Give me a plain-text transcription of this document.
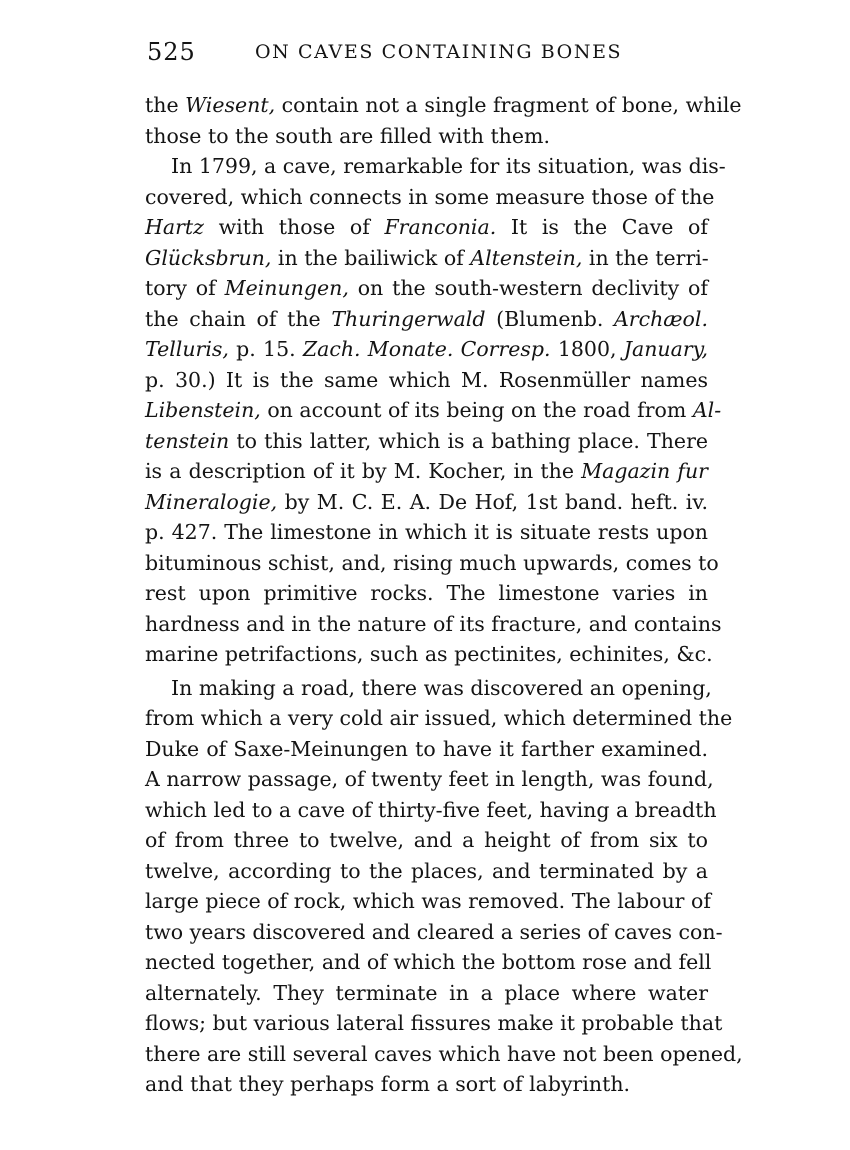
525	ON CAVES CONTAINING BONES
the Wiesent, contain not a single fragment of bone, while
those to the south are filled with them.
In 1799, a cave, remarkable for its situation, was dis-
covered, which connects in some measure those of the
Hartz with those of Franconia. It is the Cave of
Glücksbrun, in the bailiwick of Altenstein, in the terri-
tory of Meinungen, on the south-western declivity of
the chain of the Thuringerwald (Blumenb. Archæol.
Telluris, p. 15. Zach. Monate. Corresp. 1800, January,
p. 30.) It is the same which M. Rosenmüller names
Libenstein, on account of its being on the road from Al-
tenstein to this latter, which is a bathing place. There
is a description of it by M. Kocher, in the Magazin fur
Mineralogie, by M. C. E. A. De Hof, 1st band. heft. iv.
p. 427. The limestone in which it is situate rests upon
bituminous schist, and, rising much upwards, comes to
rest upon primitive rocks. The limestone varies in
hardness and in the nature of its fracture, and contains
marine petrifactions, such as pectinites, echinites, &c.
In making a road, there was discovered an opening,
from which a very cold air issued, which determined the
Duke of Saxe-Meinungen to have it farther examined.
A narrow passage, of twenty feet in length, was found,
which led to a cave of thirty-five feet, having a breadth
of from three to twelve, and a height of from six to
twelve, according to the places, and terminated by a
large piece of rock, which was removed. The labour of
two years discovered and cleared a series of caves con-
nected together, and of which the bottom rose and fell
alternately. They terminate in a place where water
flows; but various lateral fissures make it probable that
there are still several caves which have not been opened,
and that they perhaps form a sort of labyrinth.
